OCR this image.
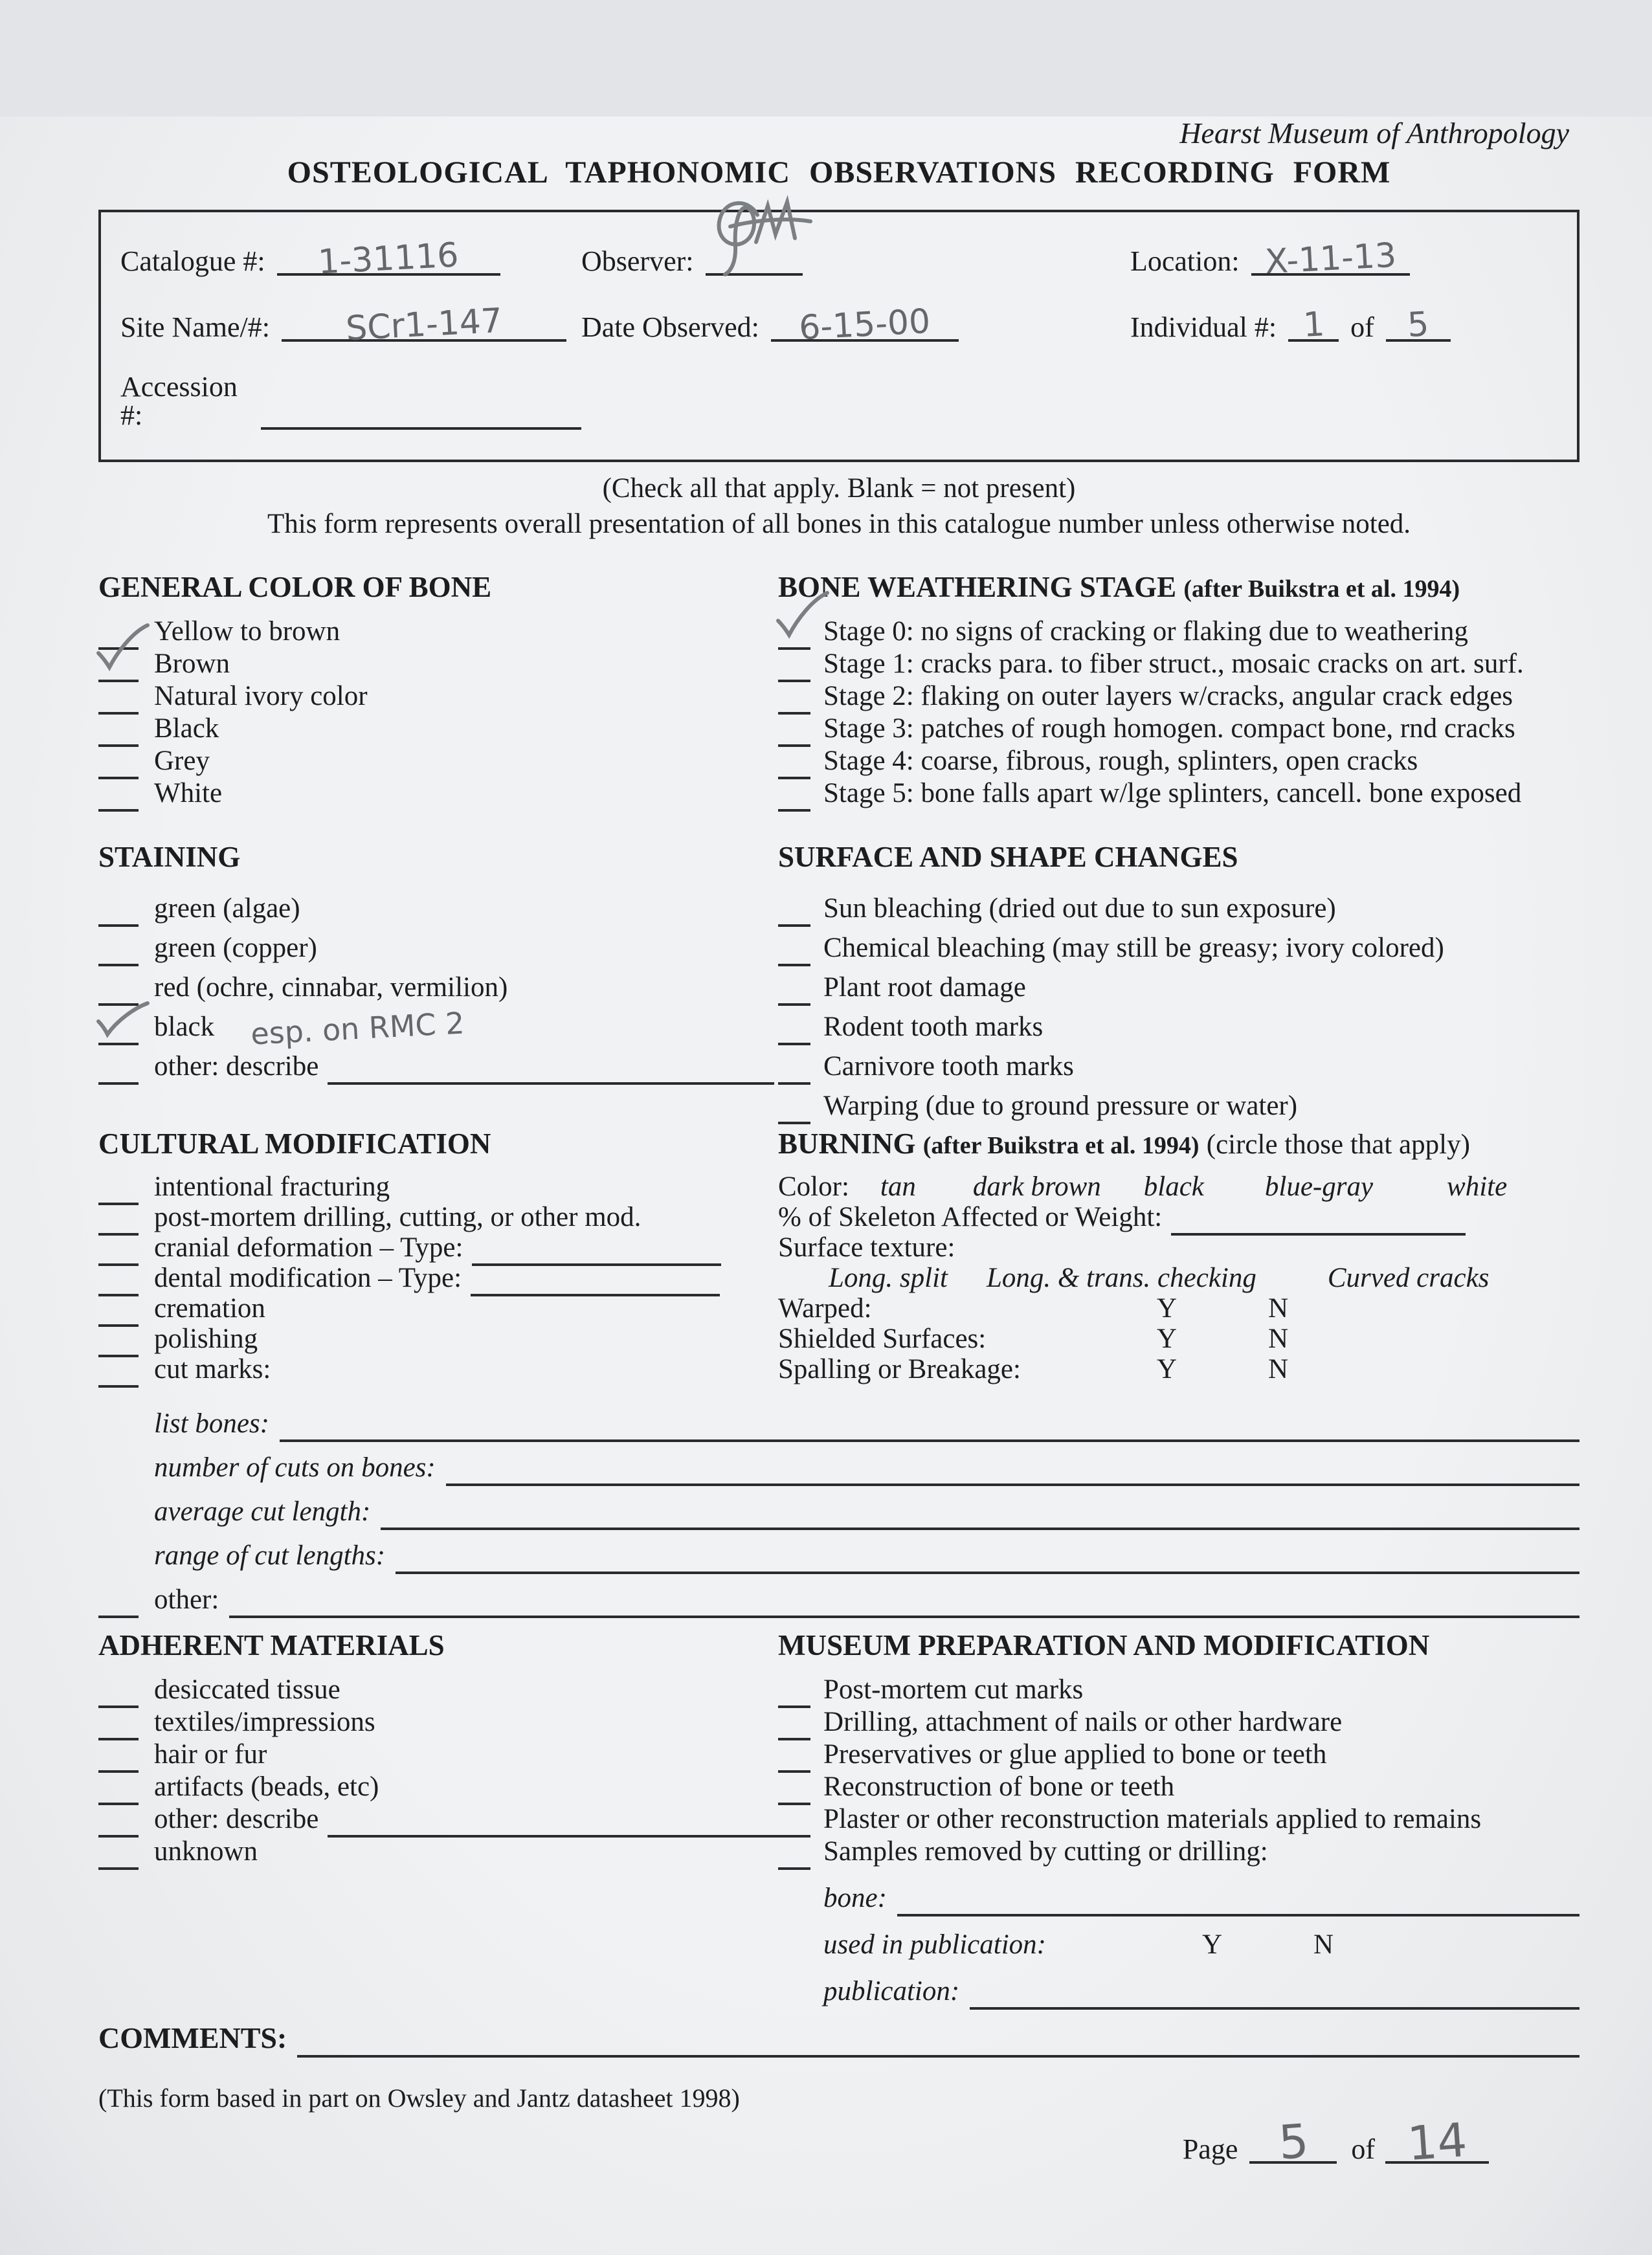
Hearst Museum of Anthropology
OSTEOLOGICAL TAPHONOMIC OBSERVATIONS RECORDING FORM
Catalogue #: 1-31116	Observer:	Location: X-11-13
Site Name/#: SCr1-147	Date Observed: 6-15-00	Individual #: 1 of 5
Accession #:
(Check all that apply. Blank = not present)
This form represents overall presentation of all bones in this catalogue number unless otherwise noted.
GENERAL COLOR OF BONE
Yellow to brown
Brown
Natural ivory color
Black
Grey
White
BONE WEATHERING STAGE (after Buikstra et al. 1994)
Stage 0: no signs of cracking or flaking due to weathering
Stage 1: cracks para. to fiber struct., mosaic cracks on art. surf.
Stage 2: flaking on outer layers w/cracks, angular crack edges
Stage 3: patches of rough homogen. compact bone, rnd cracks
Stage 4: coarse, fibrous, rough, splinters, open cracks
Stage 5: bone falls apart w/lge splinters, cancell. bone exposed
STAINING
green (algae)
green (copper)
red (ochre, cinnabar, vermilion)
black esp. on RMC 2
other: describe
SURFACE AND SHAPE CHANGES
Sun bleaching (dried out due to sun exposure)
Chemical bleaching (may still be greasy; ivory colored)
Plant root damage
Rodent tooth marks
Carnivore tooth marks
Warping (due to ground pressure or water)
CULTURAL MODIFICATION
intentional fracturing
post-mortem drilling, cutting, or other mod.
cranial deformation – Type:
dental modification – Type:
cremation
polishing
cut marks:
BURNING (after Buikstra et al. 1994) (circle those that apply)
Color: tan dark brown black blue-gray	white
% of Skeleton Affected or Weight:
Surface texture:
Long. split Long. & trans. checking	Curved cracks
Warped:	Y	N
Shielded Surfaces:	Y	N
Spalling or Breakage:	Y	N
list bones:
number of cuts on bones:
average cut length:
range of cut lengths:
other:
ADHERENT MATERIALS
desiccated tissue
textiles/impressions
hair or fur
artifacts (beads, etc)
other: describe
unknown
MUSEUM PREPARATION AND MODIFICATION
Post-mortem cut marks
Drilling, attachment of nails or other hardware
Preservatives or glue applied to bone or teeth
Reconstruction of bone or teeth
Plaster or other reconstruction materials applied to remains
Samples removed by cutting or drilling:
bone:
used in publication:	Y	N
publication:
COMMENTS:
(This form based in part on Owsley and Jantz datasheet 1998)
Page 5 of 14
